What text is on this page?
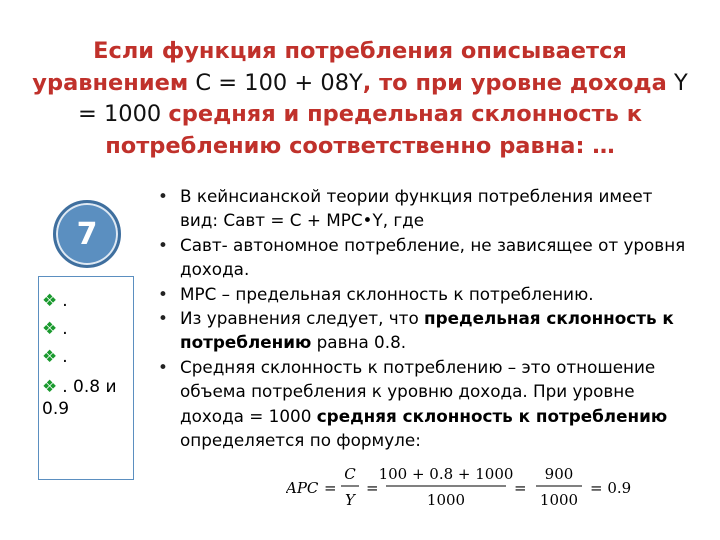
Если функция потребления описывается уравнением С = 100 + 08Y, то при уровне дохода Y = 1000 средняя и предельная склонность к потреблению соответственно равна: …
7
❖ .
❖ .
❖ .
❖ . 0.8 и 0.9
• В кейнсианской теории функция потребления имеет вид: Савт = С + МРС•Y, где
• Савт- автономное потребление, не зависящее от уровня дохода.
• МРС – предельная склонность к потреблению.
• Из уравнения следует, что предельная склонность к потреблению равна 0.8.
• Средняя склонность к потреблению – это отношение объема потребления к уровню дохода. При уровне дохода = 1000 средняя склонность к потреблению определяется по формуле:
APC =
C
Y
=
100 + 0.8 + 1000
1000
=
900
1000
= 0.9
